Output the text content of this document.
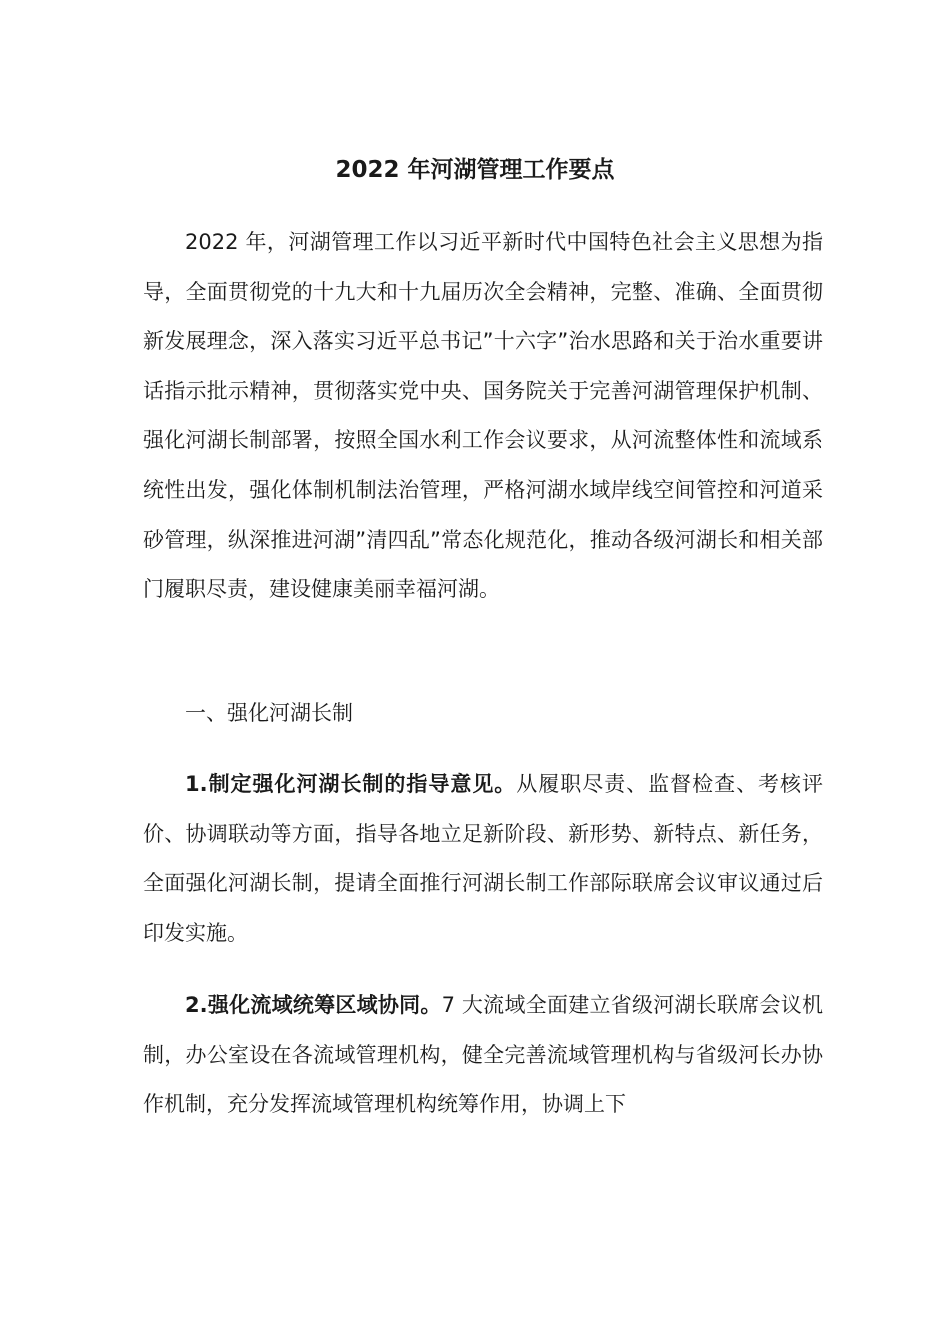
2022 年河湖管理工作要点

2022 年，河湖管理工作以习近平新时代中国特色社会主义思想为指导，全面贯彻党的十九大和十九届历次全会精神，完整、准确、全面贯彻新发展理念，深入落实习近平总书记”十六字”治水思路和关于治水重要讲话指示批示精神，贯彻落实党中央、国务院关于完善河湖管理保护机制、强化河湖长制部署，按照全国水利工作会议要求，从河流整体性和流域系统性出发，强化体制机制法治管理，严格河湖水域岸线空间管控和河道采砂管理，纵深推进河湖”清四乱”常态化规范化，推动各级河湖长和相关部门履职尽责，建设健康美丽幸福河湖。

一、强化河湖长制

1.制定强化河湖长制的指导意见。从履职尽责、监督检查、考核评价、协调联动等方面，指导各地立足新阶段、新形势、新特点、新任务，全面强化河湖长制，提请全面推行河湖长制工作部际联席会议审议通过后印发实施。

2.强化流域统筹区域协同。7 大流域全面建立省级河湖长联席会议机制，办公室设在各流域管理机构，健全完善流域管理机构与省级河长办协作机制，充分发挥流域管理机构统筹作用，协调上下
